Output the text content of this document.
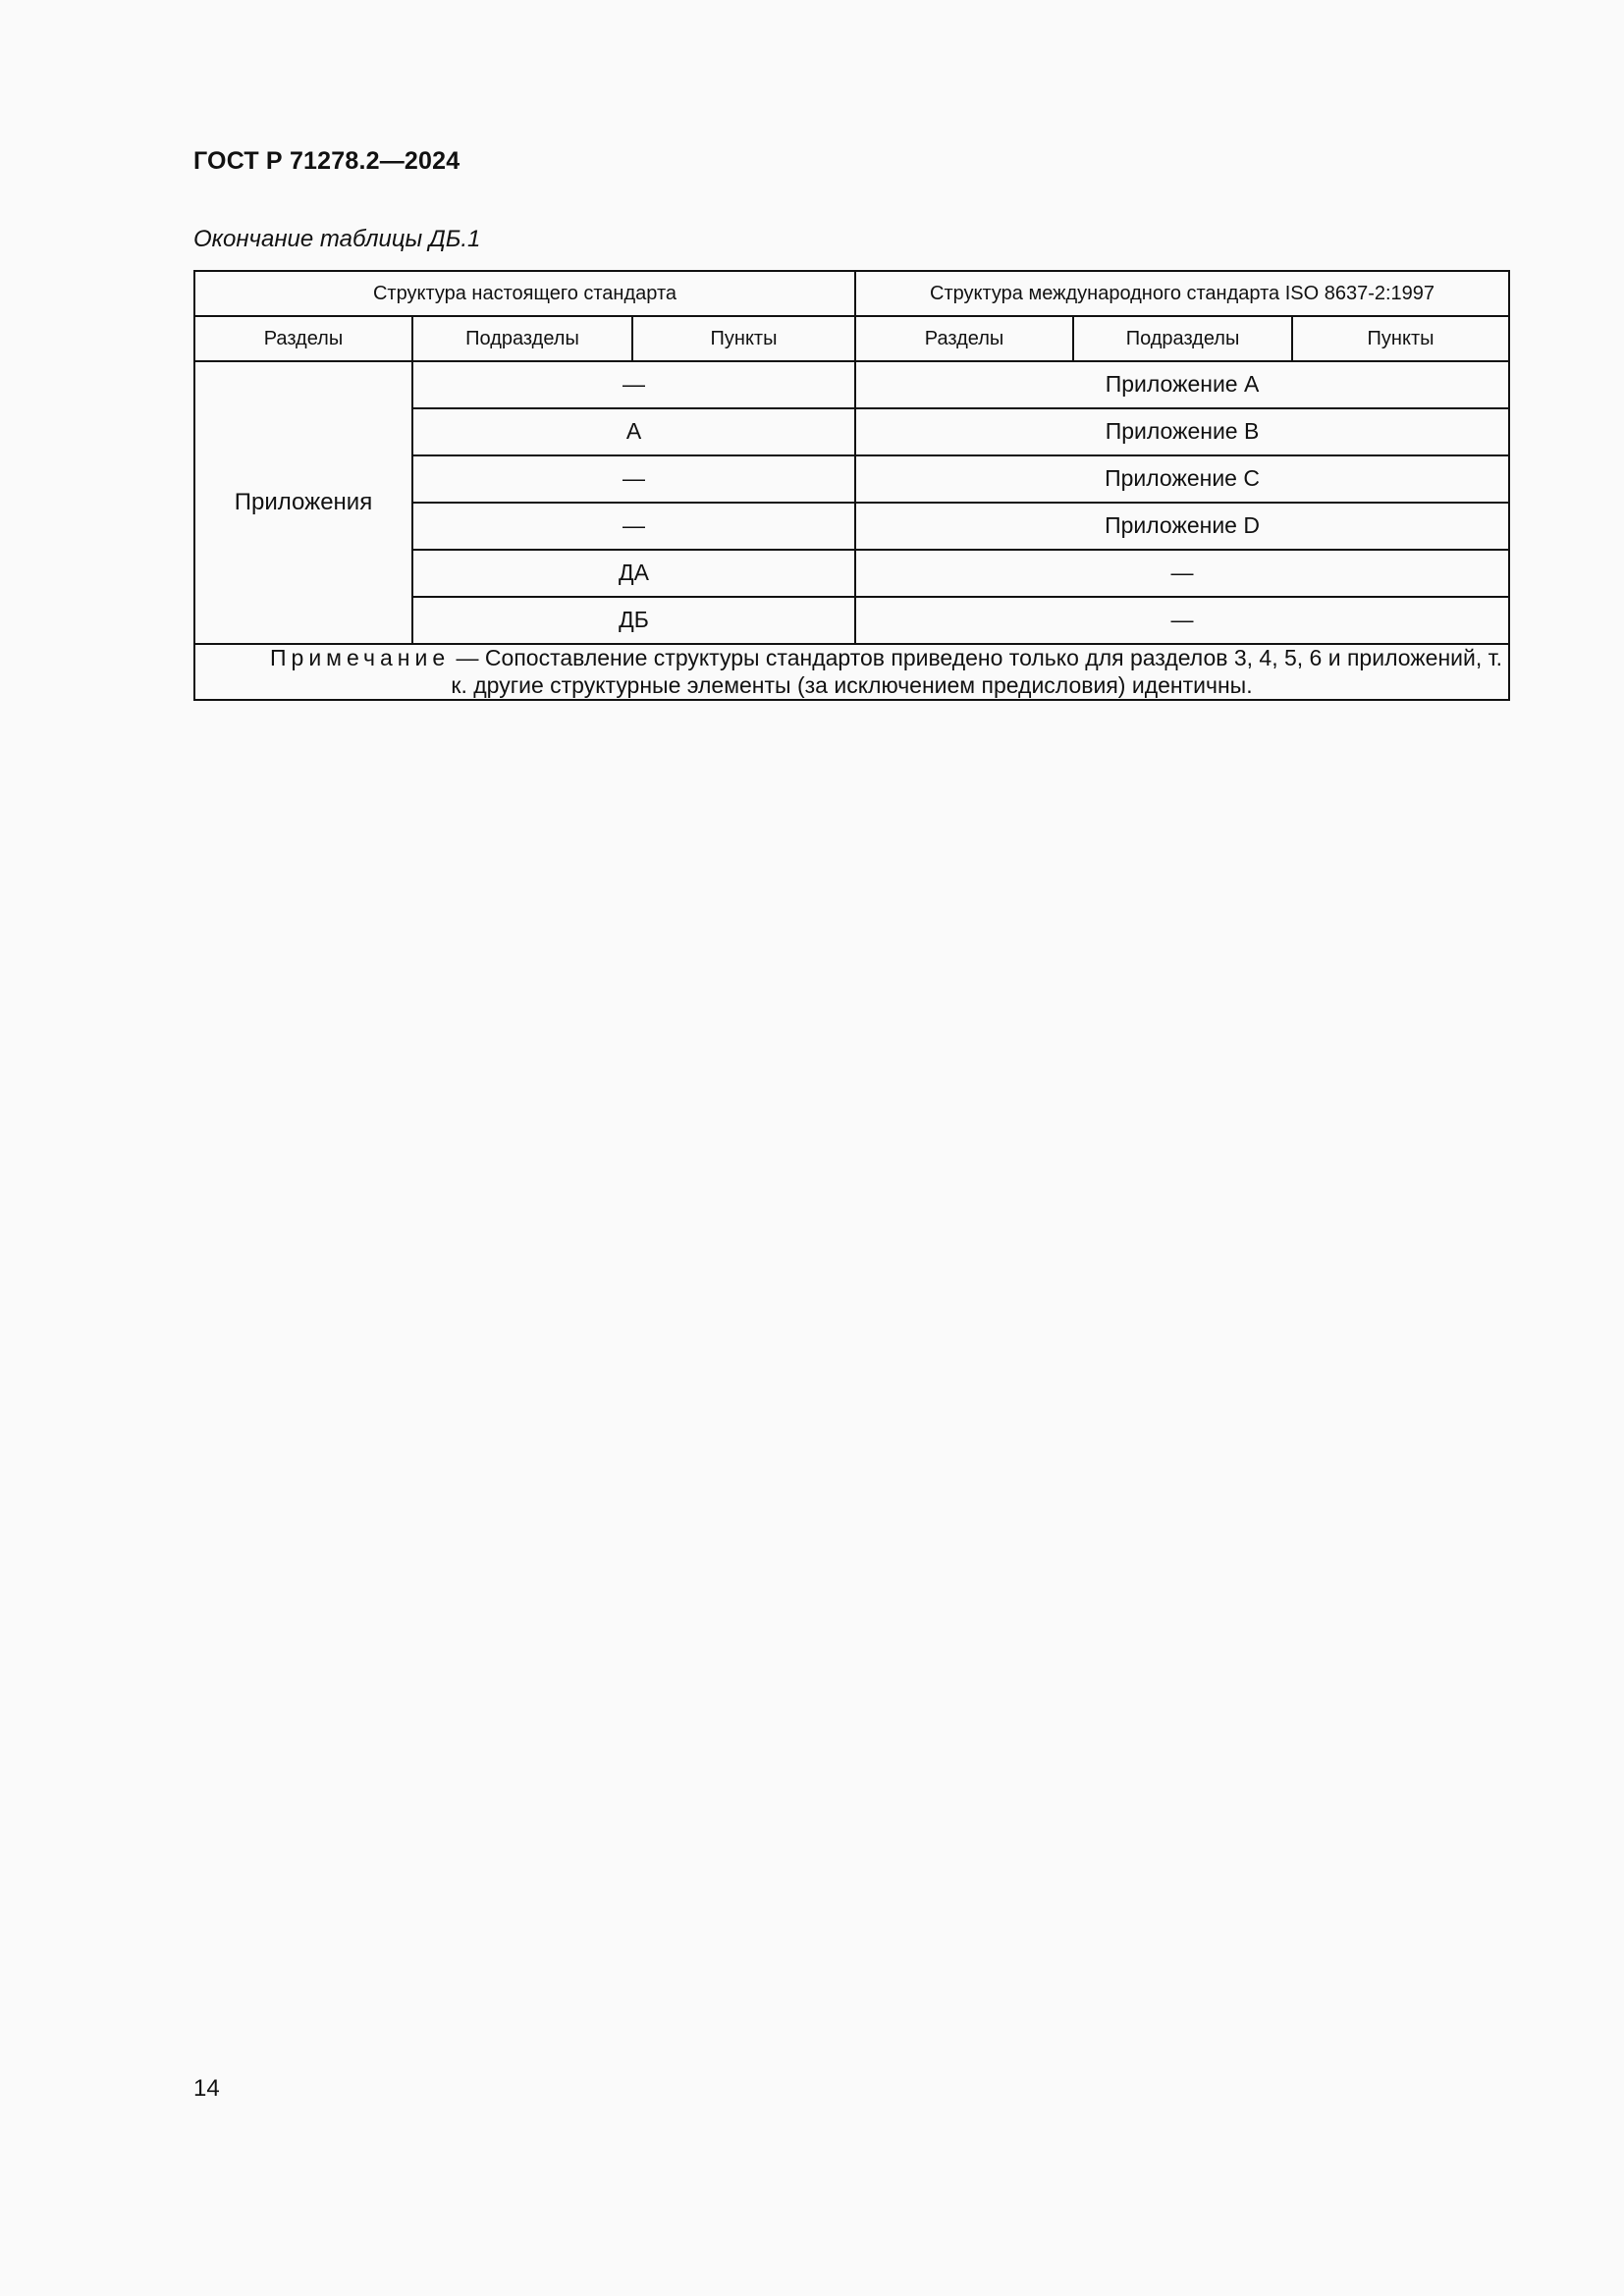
ГОСТ Р 71278.2—2024
Окончание таблицы ДБ.1
Структура настоящего стандарта			Структура международного стандарта ISO 8637-2:1997		
Разделы	Подразделы	Пункты	Разделы	Подразделы	Пункты
Приложения	—		Приложение A		
	А		Приложение B		
	—		Приложение C		
	—		Приложение D		
	ДА		—		
	ДБ		—		
Примечание — Сопоставление структуры стандартов приведено только для разделов 3, 4, 5, 6 и приложений, т. к. другие структурные элементы (за исключением предисловия) идентичны.					
14
